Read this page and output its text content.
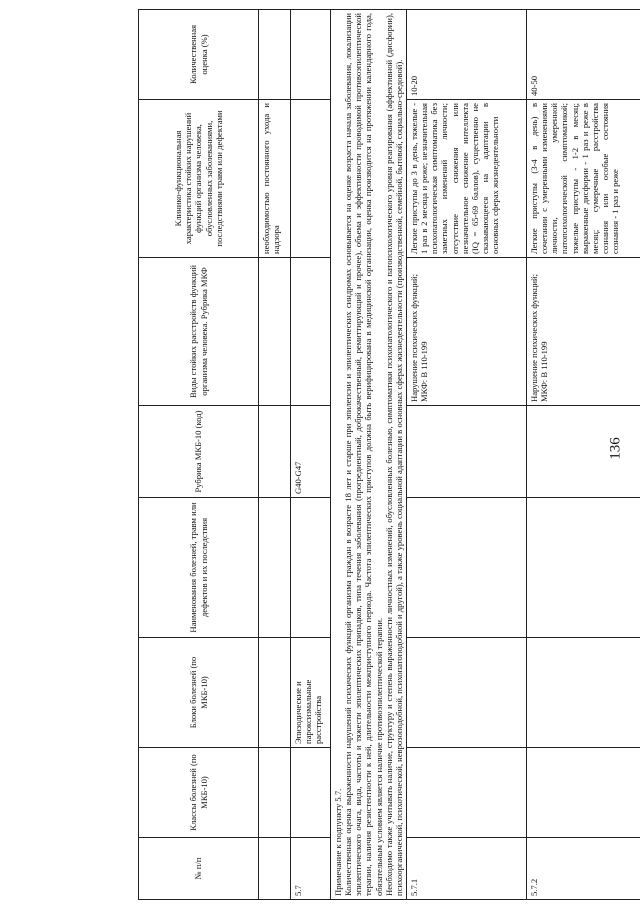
136
№ п/п	Классы болезней (по МКБ-10)	Блоки болезней (по МКБ-10)	Наименования болезней, травм или дефектов и их последствия	Рубрика МКБ-10 (код)	Виды стойких расстройств функций организма человека. Рубрика МКФ	Клинико-функциональная характеристика стойких нарушений функций организма человека, обусловленных заболеваниями, последствиями травм или дефектами	Количественная оценка (%)
						необходимостью постоянного ухода и надзора	
5.7		Эпизодические и пароксизмальные расстройства		G40-G47			

Примечание к подпункту 5.7. Количественная оценка выраженности нарушений психических функций организма граждан в возрасте 18 лет и старше при эпилепсии и эпилептических синдромах основывается на оценке возраста начала заболевания, локализации эпилептического очага, вида, частоты и тяжести эпилептических припадков, типа течения заболевания (прогредиентный, доброкачественный, ремиттирующий и прочее), объема и эффективности проводимой противоэпилептической терапии, наличия резистентности к ней, длительности межприступного периода. Частота эпилептических приступов должна быть верифицирована в медицинской организации, оценка производится на протяжении календарного года, обязательным условием является наличие противоэпилептической терапии. Необходимо также учитывать наличие, структуру и степень выраженности личностных изменений, обусловленных болезнью, симптоматики психопатологического и патопсихологического уровня реагирования (аффективной (дисфории), психоорганической, психотической, неврозоподобной, психопатоподобной и другой), а также уровень социальной адаптации в основных сферах жизнедеятельности (производственной, семейной, бытовой, социально-средовой).							

5.7.1					Нарушение психических функций; МКФ: В 110-199	Легкие приступы до 3 в день, тяжелые - 1 раз в 2 месяца и реже; незначительная психопатологическая симптоматика без заметных изменений личности; отсутствие снижения или незначительное снижение интеллекта (IQ = 65-69 баллов), существенно не сказывающееся на адаптации в основных сферах жизнедеятельности	10-20
5.7.2					Нарушение психических функций; МКФ: В 110-199	Легкие приступы (3-4 в день) в сочетании с умеренными изменениями личности, умеренной патопсихологической симптоматикой; тяжелые приступы - 1-2 в месяц; выраженные дисфории - 1 раз и реже в месяц; сумеречные расстройства сознания или особые состояния сознания - 1 раз и реже	40-50
